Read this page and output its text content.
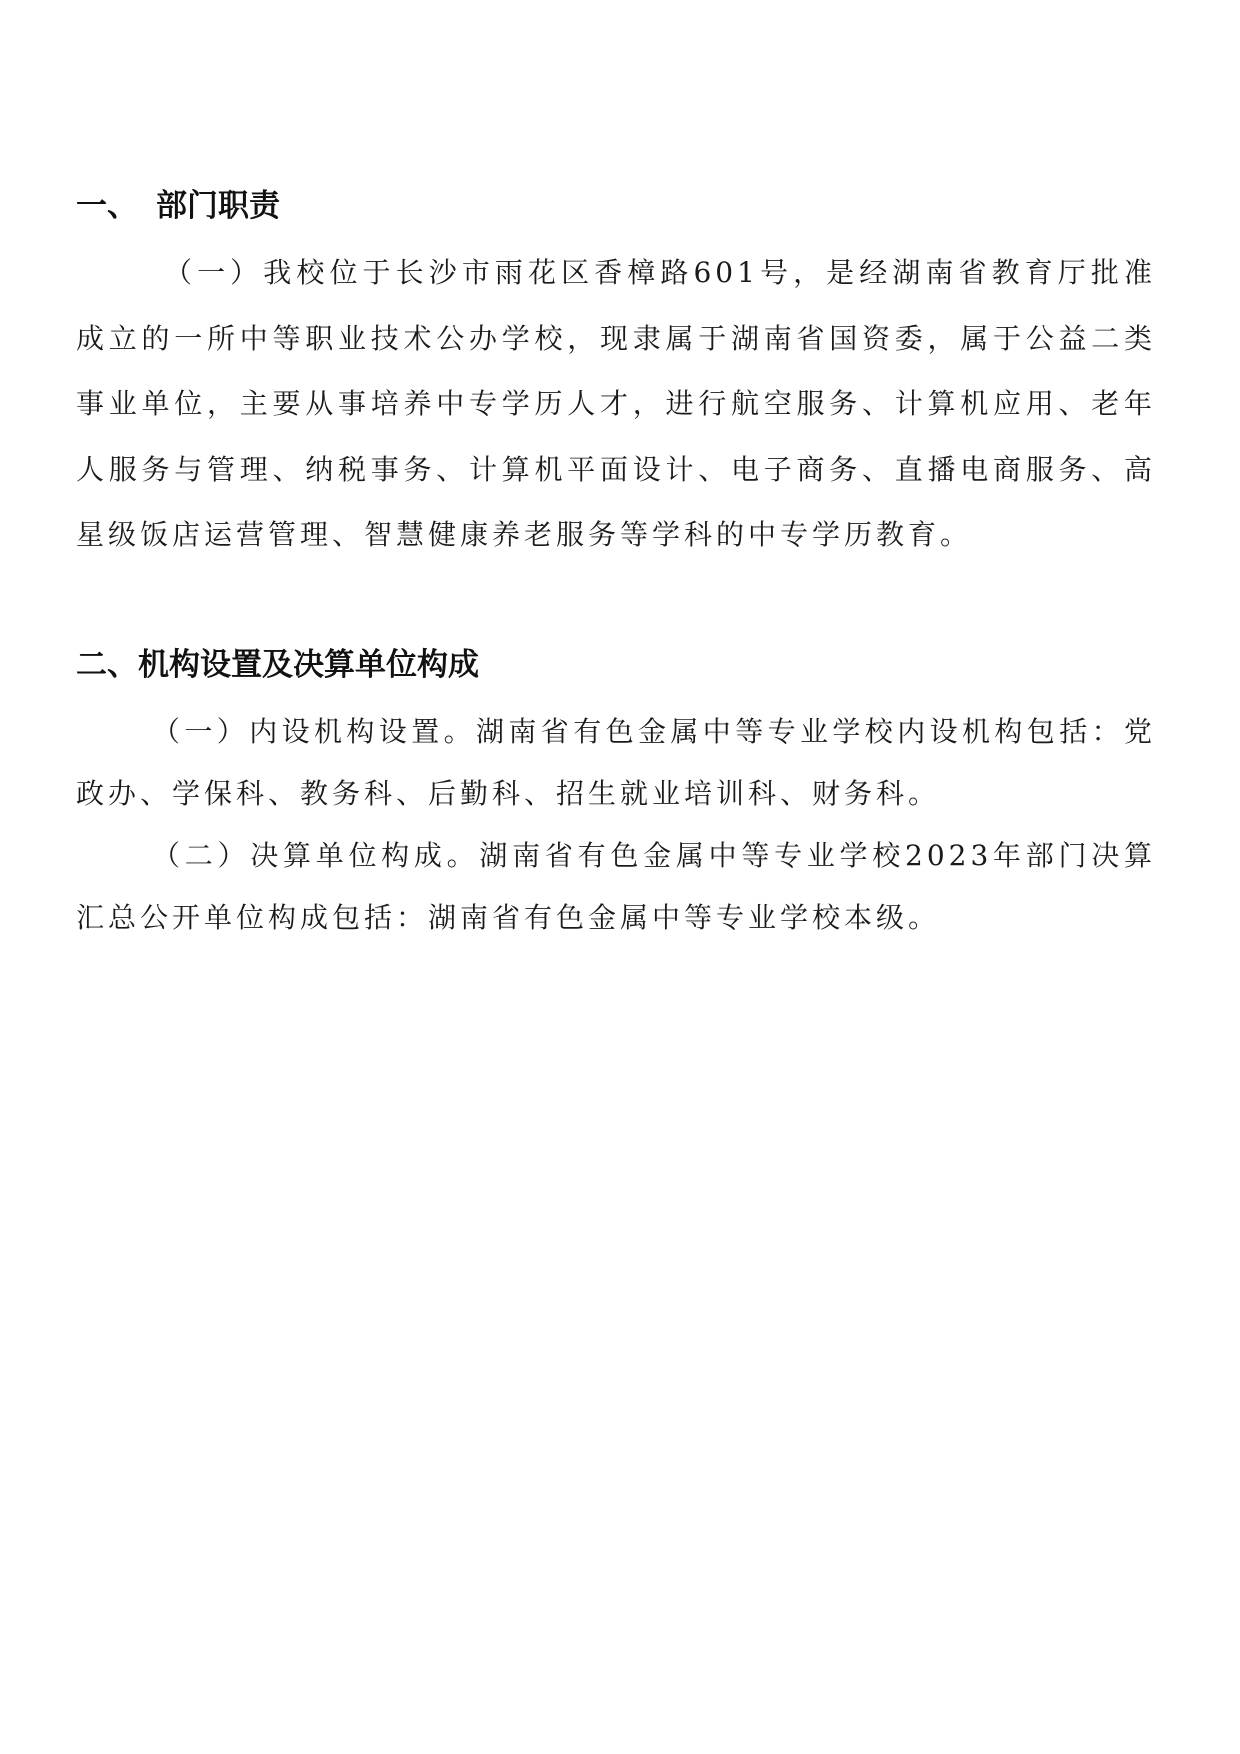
一、 部门职责

（一）我校位于长沙市雨花区香樟路601号，是经湖南省教育厅批准成立的一所中等职业技术公办学校，现隶属于湖南省国资委，属于公益二类事业单位，主要从事培养中专学历人才，进行航空服务、计算机应用、老年人服务与管理、纳税事务、计算机平面设计、电子商务、直播电商服务、高星级饭店运营管理、智慧健康养老服务等学科的中专学历教育。

二、机构设置及决算单位构成

（一）内设机构设置。湖南省有色金属中等专业学校内设机构包括：党政办、学保科、教务科、后勤科、招生就业培训科、财务科。

（二）决算单位构成。湖南省有色金属中等专业学校2023年部门决算汇总公开单位构成包括：湖南省有色金属中等专业学校本级。
